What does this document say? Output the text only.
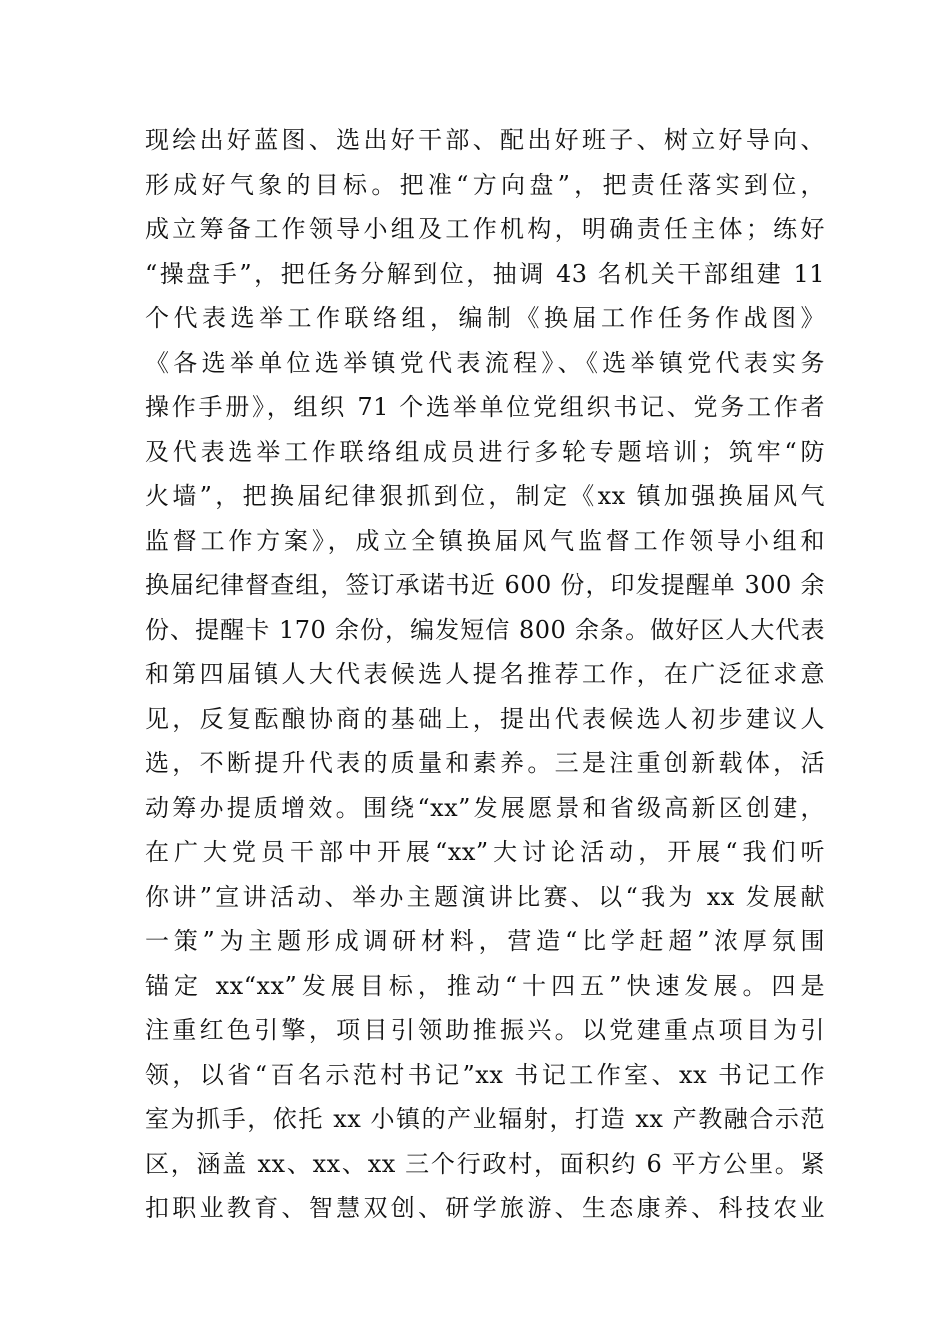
现绘出好蓝图、选出好干部、配出好班子、树立好导向、
形成好气象的目标。把准“方向盘”，把责任落实到位，
成立筹备工作领导小组及工作机构，明确责任主体；练好
“操盘手”，把任务分解到位，抽调 43 名机关干部组建 11
个代表选举工作联络组，编制《换届工作任务作战图》
《各选举单位选举镇党代表流程》、《选举镇党代表实务
操作手册》，组织 71 个选举单位党组织书记、党务工作者
及代表选举工作联络组成员进行多轮专题培训；筑牢“防
火墙”，把换届纪律狠抓到位，制定《xx 镇加强换届风气
监督工作方案》，成立全镇换届风气监督工作领导小组和
换届纪律督查组，签订承诺书近 600 份，印发提醒单 300 余
份、提醒卡 170 余份，编发短信 800 余条。做好区人大代表
和第四届镇人大代表候选人提名推荐工作，在广泛征求意
见，反复酝酿协商的基础上，提出代表候选人初步建议人
选，不断提升代表的质量和素养。三是注重创新载体，活
动筹办提质增效。围绕“xx”发展愿景和省级高新区创建，
在广大党员干部中开展“xx”大讨论活动，开展“我们听
你讲”宣讲活动、举办主题演讲比赛、以“我为 xx 发展献
一策”为主题形成调研材料，营造“比学赶超”浓厚氛围
锚定 xx“xx”发展目标，推动“十四五”快速发展。四是
注重红色引擎，项目引领助推振兴。以党建重点项目为引
领，以省“百名示范村书记”xx 书记工作室、xx 书记工作
室为抓手，依托 xx 小镇的产业辐射，打造 xx 产教融合示范
区，涵盖 xx、xx、xx 三个行政村，面积约 6 平方公里。紧
扣职业教育、智慧双创、研学旅游、生态康养、科技农业
